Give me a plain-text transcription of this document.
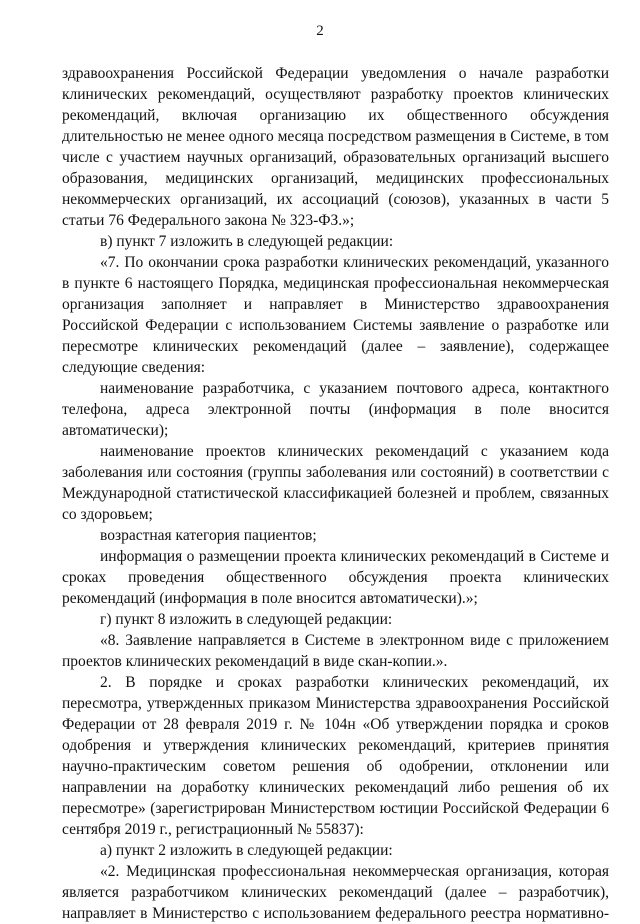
2

здравоохранения Российской Федерации уведомления о начале разработки клинических рекомендаций, осуществляют разработку проектов клинических рекомендаций, включая организацию их общественного обсуждения длительностью не менее одного месяца посредством размещения в Системе, в том числе с участием научных организаций, образовательных организаций высшего образования, медицинских организаций, медицинских профессиональных некоммерческих организаций, их ассоциаций (союзов), указанных в части 5 статьи 76 Федерального закона № 323-ФЗ.»;

в) пункт 7 изложить в следующей редакции:

«7. По окончании срока разработки клинических рекомендаций, указанного в пункте 6 настоящего Порядка, медицинская профессиональная некоммерческая организация заполняет и направляет в Министерство здравоохранения Российской Федерации с использованием Системы заявление о разработке или пересмотре клинических рекомендаций (далее – заявление), содержащее следующие сведения:

наименование разработчика, с указанием почтового адреса, контактного телефона, адреса электронной почты (информация в поле вносится автоматически);

наименование проектов клинических рекомендаций с указанием кода заболевания или состояния (группы заболевания или состояний) в соответствии с Международной статистической классификацией болезней и проблем, связанных со здоровьем;

возрастная категория пациентов;

информация о размещении проекта клинических рекомендаций в Системе и сроках проведения общественного обсуждения проекта клинических рекомендаций (информация в поле вносится автоматически).»;

г) пункт 8 изложить в следующей редакции:

«8. Заявление направляется в Системе в электронном виде с приложением проектов клинических рекомендаций в виде скан-копии.».

2. В порядке и сроках разработки клинических рекомендаций, их пересмотра, утвержденных приказом Министерства здравоохранения Российской Федерации от 28 февраля 2019 г. № 104н «Об утверждении порядка и сроков одобрения и утверждения клинических рекомендаций, критериев принятия научно-практическим советом решения об одобрении, отклонении или направлении на доработку клинических рекомендаций либо решения об их пересмотре» (зарегистрирован Министерством юстиции Российской Федерации 6 сентября 2019 г., регистрационный № 55837):

а) пункт 2 изложить в следующей редакции:

«2. Медицинская профессиональная некоммерческая организация, которая является разработчиком клинических рекомендаций (далее – разработчик), направляет в Министерство с использованием федерального реестра нормативно-
